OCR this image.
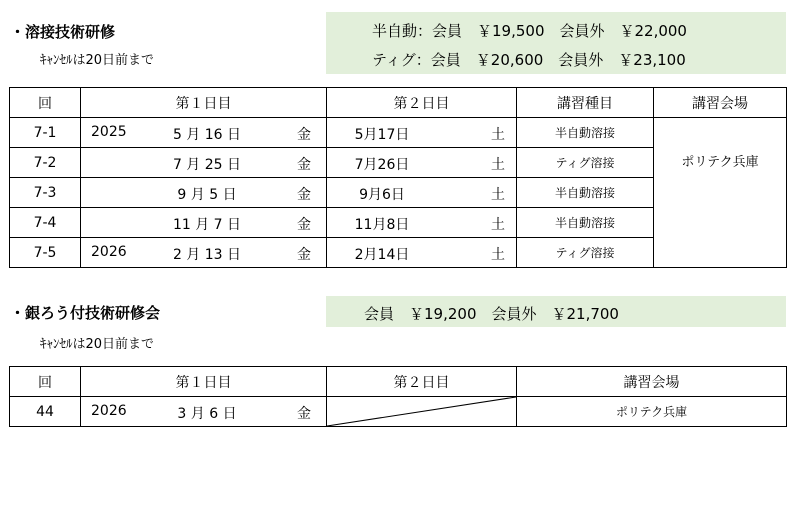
・溶接技術研修
ｷｬﾝｾﾙは20日前まで
半自動：会員　￥19,500　会員外　￥22,000
ティグ：会員　￥20,600　会員外　￥23,100
回	第１日目	第２日目	講習種目	講習会場
7-1	2025 5 月 16 日 金	5月17日 土	半自動溶接	ポリテク兵庫
7-2	7 月 25 日 金	7月26日 土	ティグ溶接	
7-3	9 月 5 日 金	9月6日 土	半自動溶接	
7-4	11 月 7 日 金	11月8日 土	半自動溶接	
7-5	2026 2 月 13 日 金	2月14日 土	ティグ溶接	
・銀ろう付技術研修会
ｷｬﾝｾﾙは20日前まで
会員　￥19,200　会員外　￥21,700
回	第１日目	第２日目	講習会場
44	2026 3 月 6 日 金		ポリテク兵庫
